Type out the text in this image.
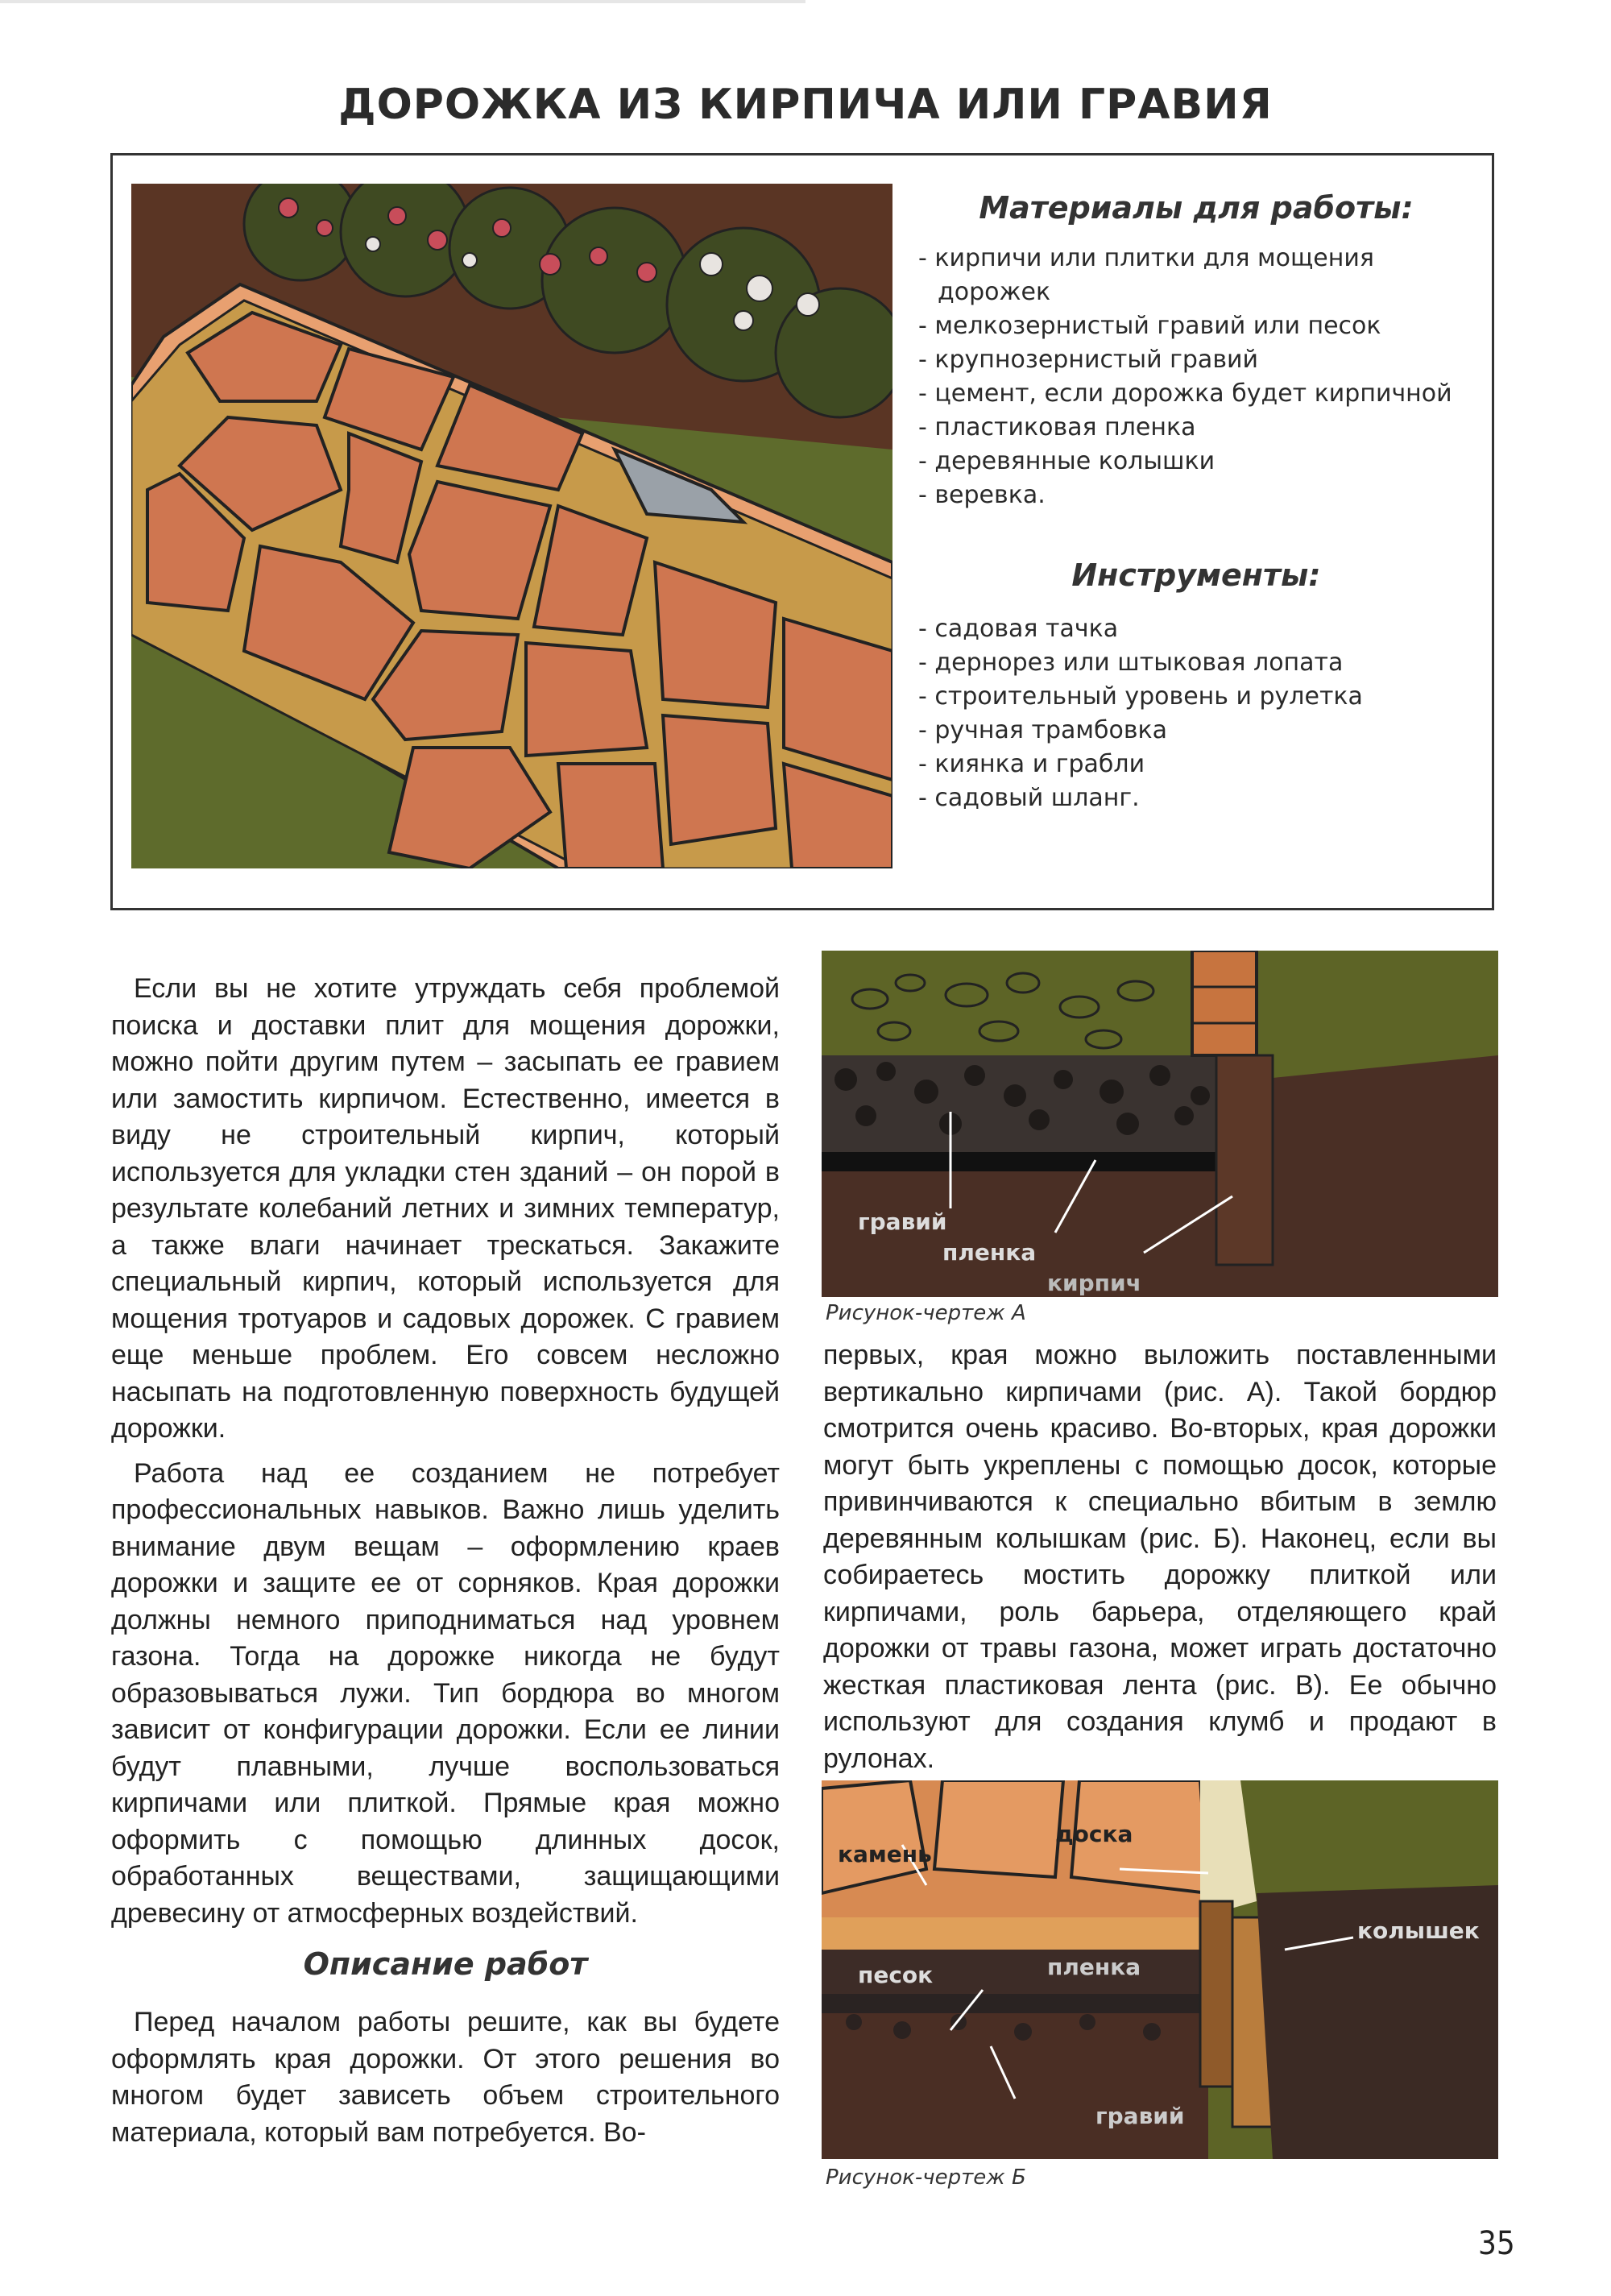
ДОРОЖКА ИЗ КИРПИЧА ИЛИ ГРАВИЯ
Материалы для работы:
- кирпичи или плитки для мощения дорожек
- мелкозернистый гравий или песок
- крупнозернистый гравий
- цемент, если дорожка будет кирпичной
- пластиковая пленка
- деревянные колышки
- веревка.
Инструменты:
- садовая тачка
- дернорез или штыковая лопата
- строительный уровень и рулетка
- ручная трамбовка
- киянка и грабли
- садовый шланг.

Если вы не хотите утруждать себя проблемой поиска и доставки плит для мощения дорожки, можно пойти другим путем – засыпать ее гравием или замостить кирпичом. Естественно, имеется в виду не строительный кирпич, который используется для укладки стен зданий – он порой в результате колебаний летних и зимних температур, а также влаги начинает трескаться. Закажите специальный кирпич, который используется для мощения тротуаров и садовых дорожек. С гравием еще меньше проблем. Его совсем несложно насыпать на подготовленную поверхность будущей дорожки.

Работа над ее созданием не потребует профессиональных навыков. Важно лишь уделить внимание двум вещам – оформлению краев дорожки и защите ее от сорняков. Края дорожки должны немного приподниматься над уровнем газона. Тогда на дорожке никогда не будут образовываться лужи. Тип бордюра во многом зависит от конфигурации дорожки. Если ее линии будут плавными, лучше воспользоваться кирпичами или плиткой. Прямые края можно оформить с помощью длинных досок, обработанных веществами, защищающими древесину от атмосферных воздействий.

Описание работ

Перед началом работы решите, как вы будете оформлять края дорожки. От этого решения во многом будет зависеть объем строительного материала, который вам потребуется. Во-

гравий
пленка
кирпич
Рисунок-чертеж А

первых, края можно выложить поставленными вертикально кирпичами (рис. А). Такой бордюр смотрится очень красиво. Во-вторых, края дорожки могут быть укреплены с помощью досок, которые привинчиваются к специально вбитым в землю деревянным колышкам (рис. Б). Наконец, если вы собираетесь мостить дорожку плиткой или кирпичами, роль барьера, отделяющего край дорожки от травы газона, может играть достаточно жесткая пластиковая лента (рис. В). Ее обычно используют для создания клумб и продают в рулонах.

камень
доска
песок	пленка
колышек
гравий
Рисунок-чертеж Б
35
